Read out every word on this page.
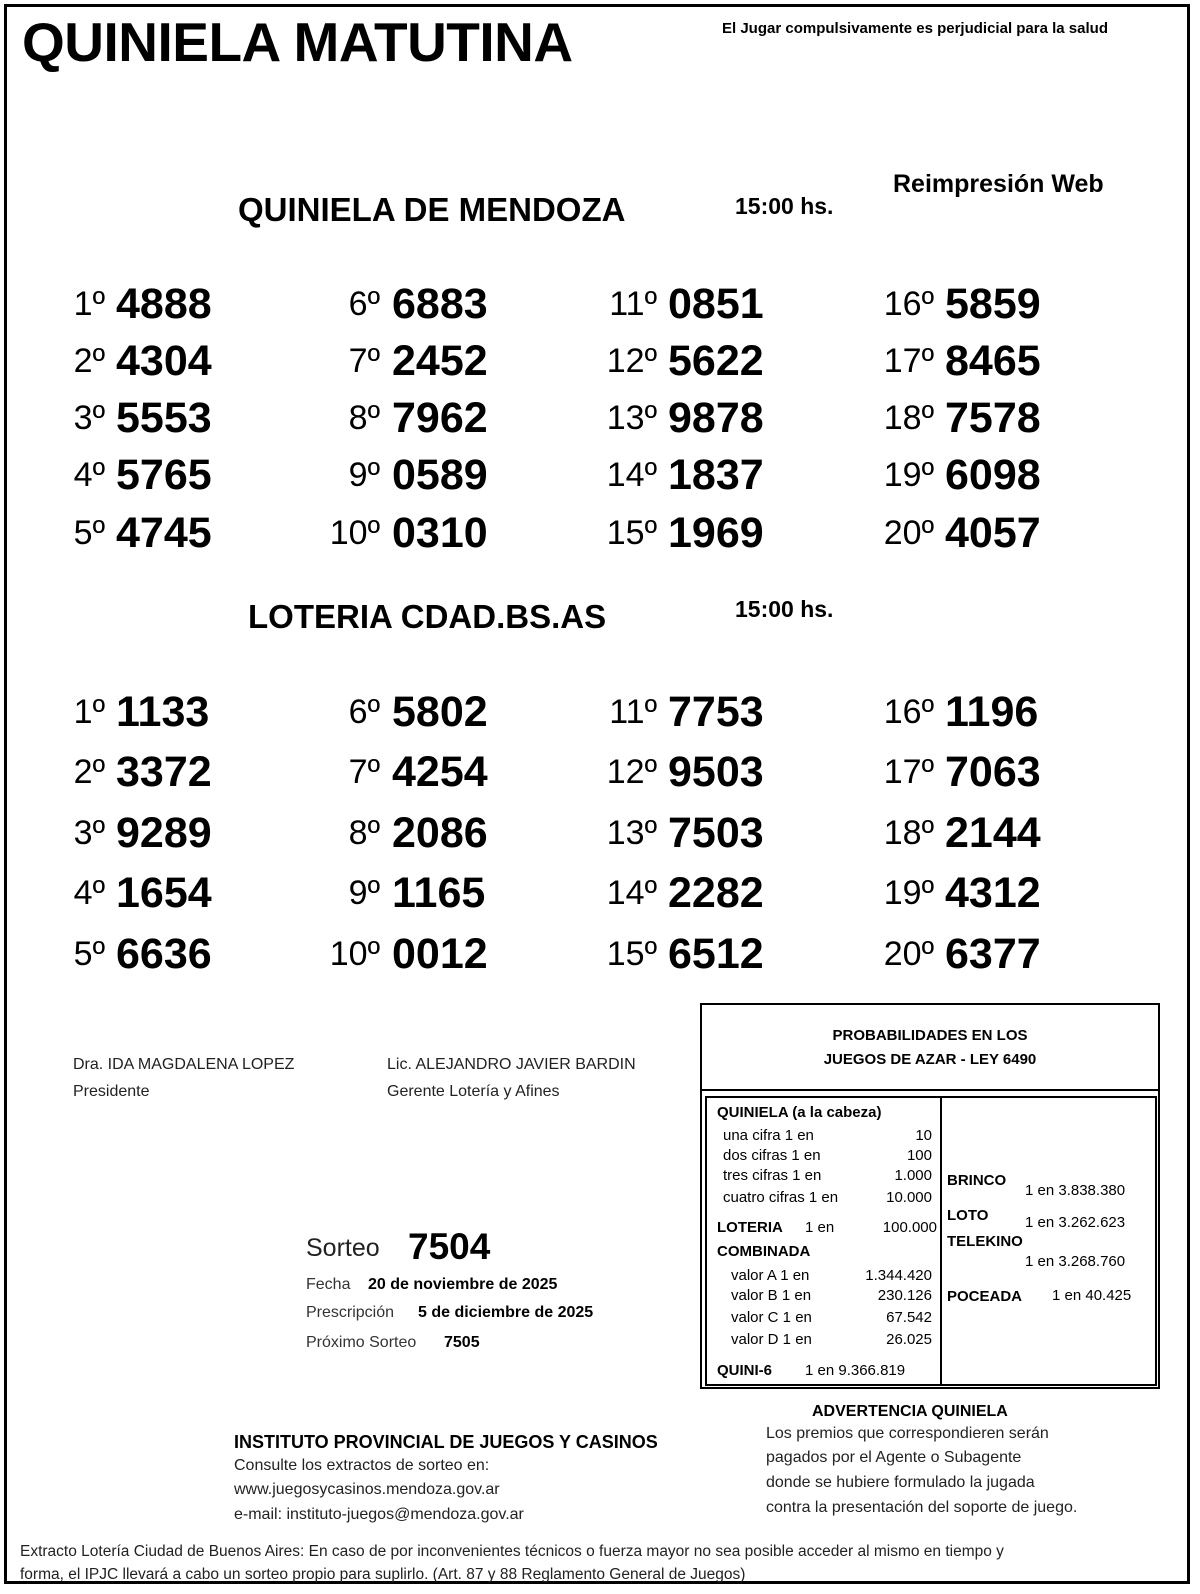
QUINIELA MATUTINA	El Jugar compulsivamente es perjudicial para la salud
Reimpresión Web
QUINIELA DE MENDOZA	15:00 hs.
1º 4888
2º 4304
3º 5553
4º 5765
5º 4745
6º 6883
7º 2452
8º 7962
9º 0589
10º 0310
11º 0851
12º 5622
13º 9878
14º 1837
15º 1969
16º 5859
17º 8465
18º 7578
19º 6098
20º 4057
LOTERIA CDAD.BS.AS	15:00 hs.
1º 1133
2º 3372
3º 9289
4º 1654
5º 6636
6º 5802
7º 4254
8º 2086
9º 1165
10º 0012
11º 7753
12º 9503
13º 7503
14º 2282
15º 6512
16º 1196
17º 7063
18º 2144
19º 4312
20º 6377
Dra. IDA MAGDALENA LOPEZ
Presidente
Lic. ALEJANDRO JAVIER BARDIN
Gerente Lotería y Afines
Sorteo 7504
Fecha 20 de noviembre de 2025
Prescripción 5 de diciembre de 2025
Próximo Sorteo 7505
PROBABILIDADES EN LOS
JUEGOS DE AZAR - LEY 6490
QUINIELA (a la cabeza)
una cifra 1 en	10
dos cifras 1 en	100
tres cifras 1 en	1.000
cuatro cifras 1 en	10.000
LOTERIA 1 en	100.000
COMBINADA
valor A 1 en	1.344.420
valor B 1 en	230.126
valor C 1 en	67.542
valor D 1 en	26.025
QUINI-6 1 en 9.366.819
BRINCO
1 en 3.838.380
LOTO 1 en 3.262.623
TELEKINO
1 en 3.268.760
POCEADA 1 en 40.425
ADVERTENCIA QUINIELA
Los premios que correspondieren serán
pagados por el Agente o Subagente
donde se hubiere formulado la jugada
contra la presentación del soporte de juego.
INSTITUTO PROVINCIAL DE JUEGOS Y CASINOS
Consulte los extractos de sorteo en:
www.juegosycasinos.mendoza.gov.ar
e-mail: instituto-juegos@mendoza.gov.ar
Extracto Lotería Ciudad de Buenos Aires: En caso de por inconvenientes técnicos o fuerza mayor no sea posible acceder al mismo en tiempo y
forma, el IPJC llevará a cabo un sorteo propio para suplirlo. (Art. 87 y 88 Reglamento General de Juegos)
